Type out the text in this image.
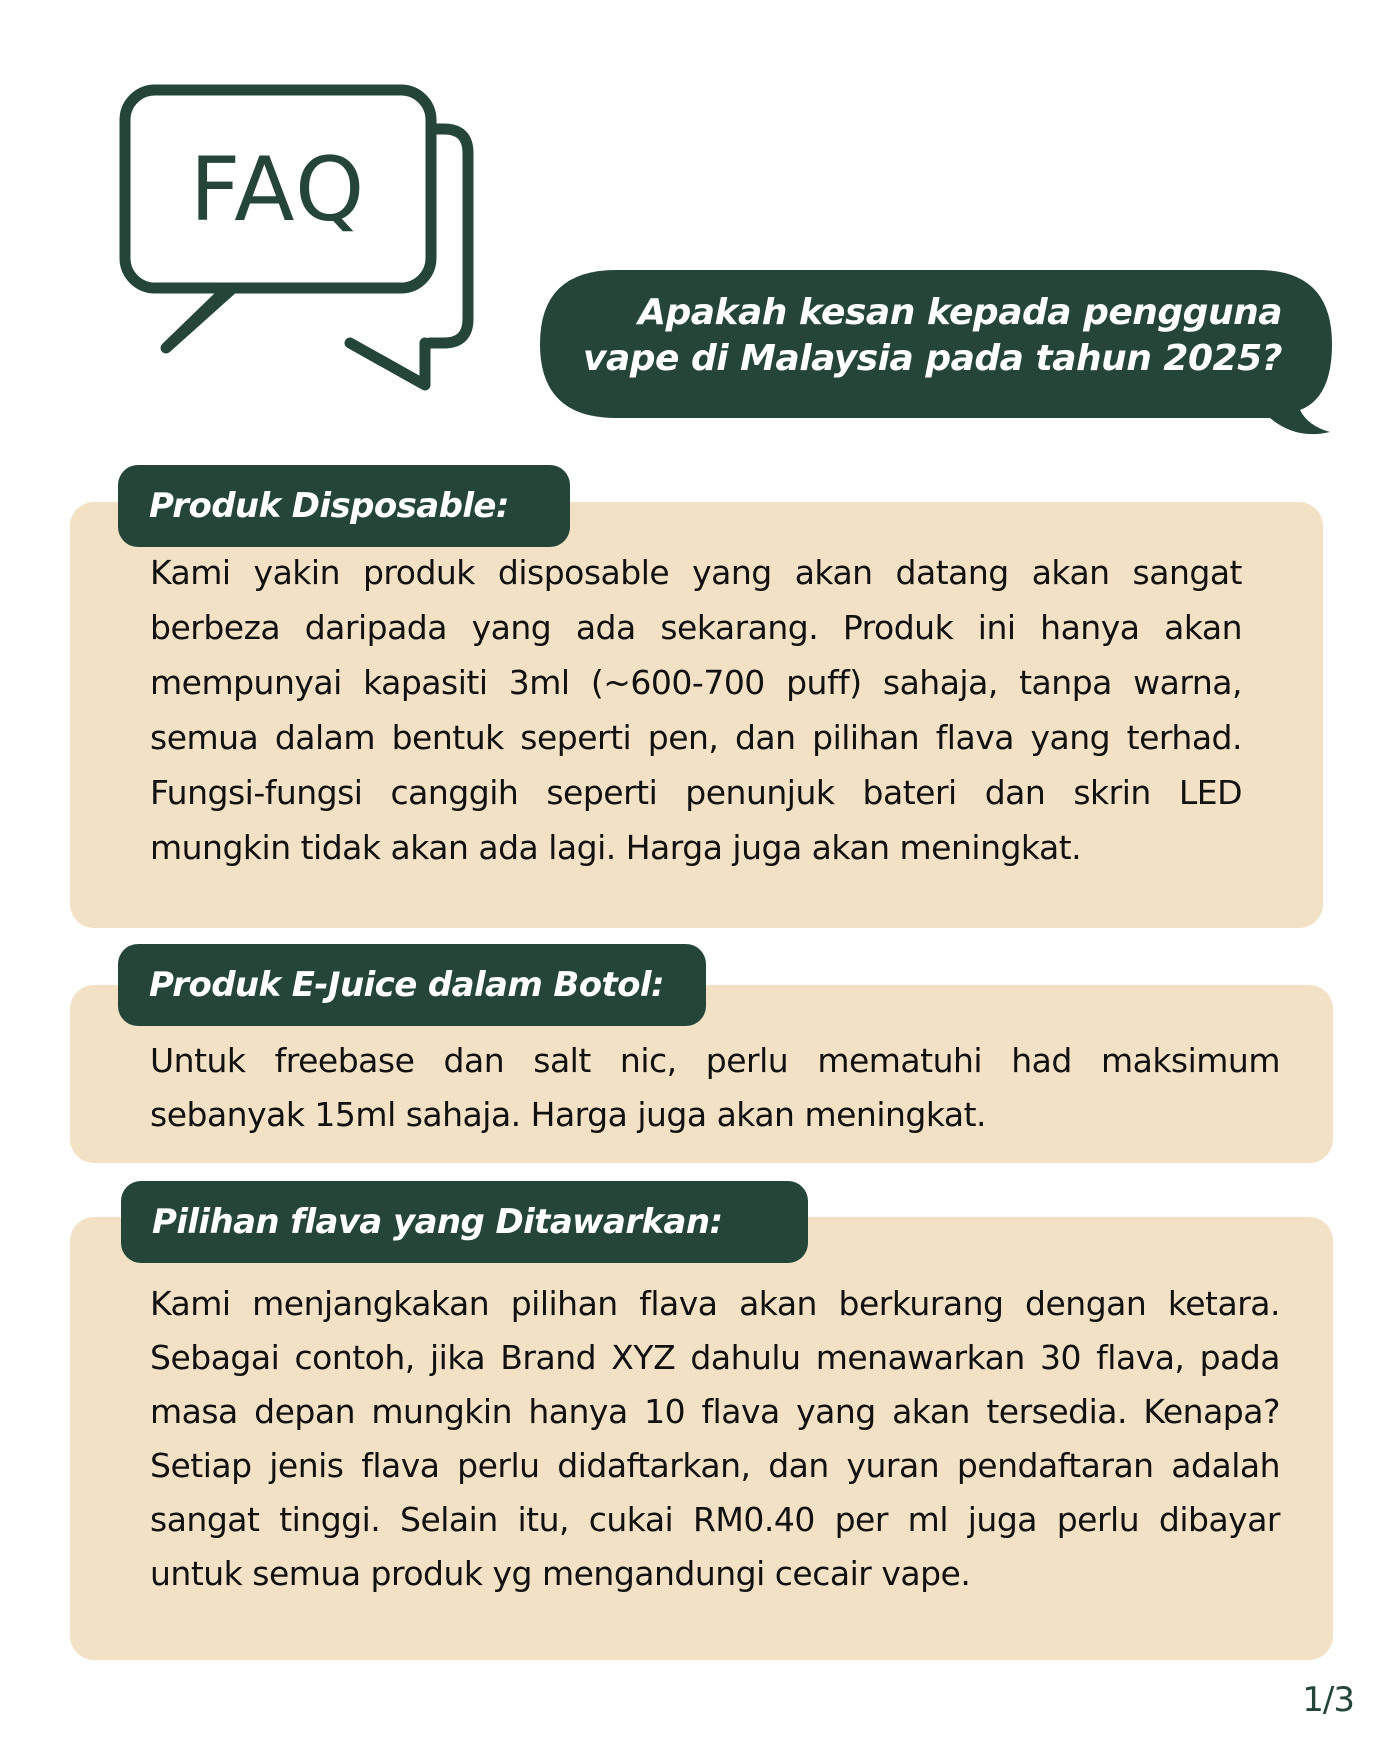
FAQ
Apakah kesan kepada pengguna
vape di Malaysia pada tahun 2025?
Produk Disposable:

Kami yakin produk disposable yang akan datang akan sangat berbeza daripada yang ada sekarang. Produk ini hanya akan mempunyai kapasiti 3ml (~600-700 puff) sahaja, tanpa warna, semua dalam bentuk seperti pen, dan pilihan flava yang terhad. Fungsi-fungsi canggih seperti penunjuk bateri dan skrin LED mungkin tidak akan ada lagi. Harga juga akan meningkat.

Produk E-Juice dalam Botol:

Untuk freebase dan salt nic, perlu mematuhi had maksimum sebanyak 15ml sahaja. Harga juga akan meningkat.

Pilihan flava yang Ditawarkan:

Kami menjangkakan pilihan flava akan berkurang dengan ketara. Sebagai contoh, jika Brand XYZ dahulu menawarkan 30 flava, pada masa depan mungkin hanya 10 flava yang akan tersedia. Kenapa? Setiap jenis flava perlu didaftarkan, dan yuran pendaftaran adalah sangat tinggi. Selain itu, cukai RM0.40 per ml juga perlu dibayar untuk semua produk yg mengandungi cecair vape.

1/3
